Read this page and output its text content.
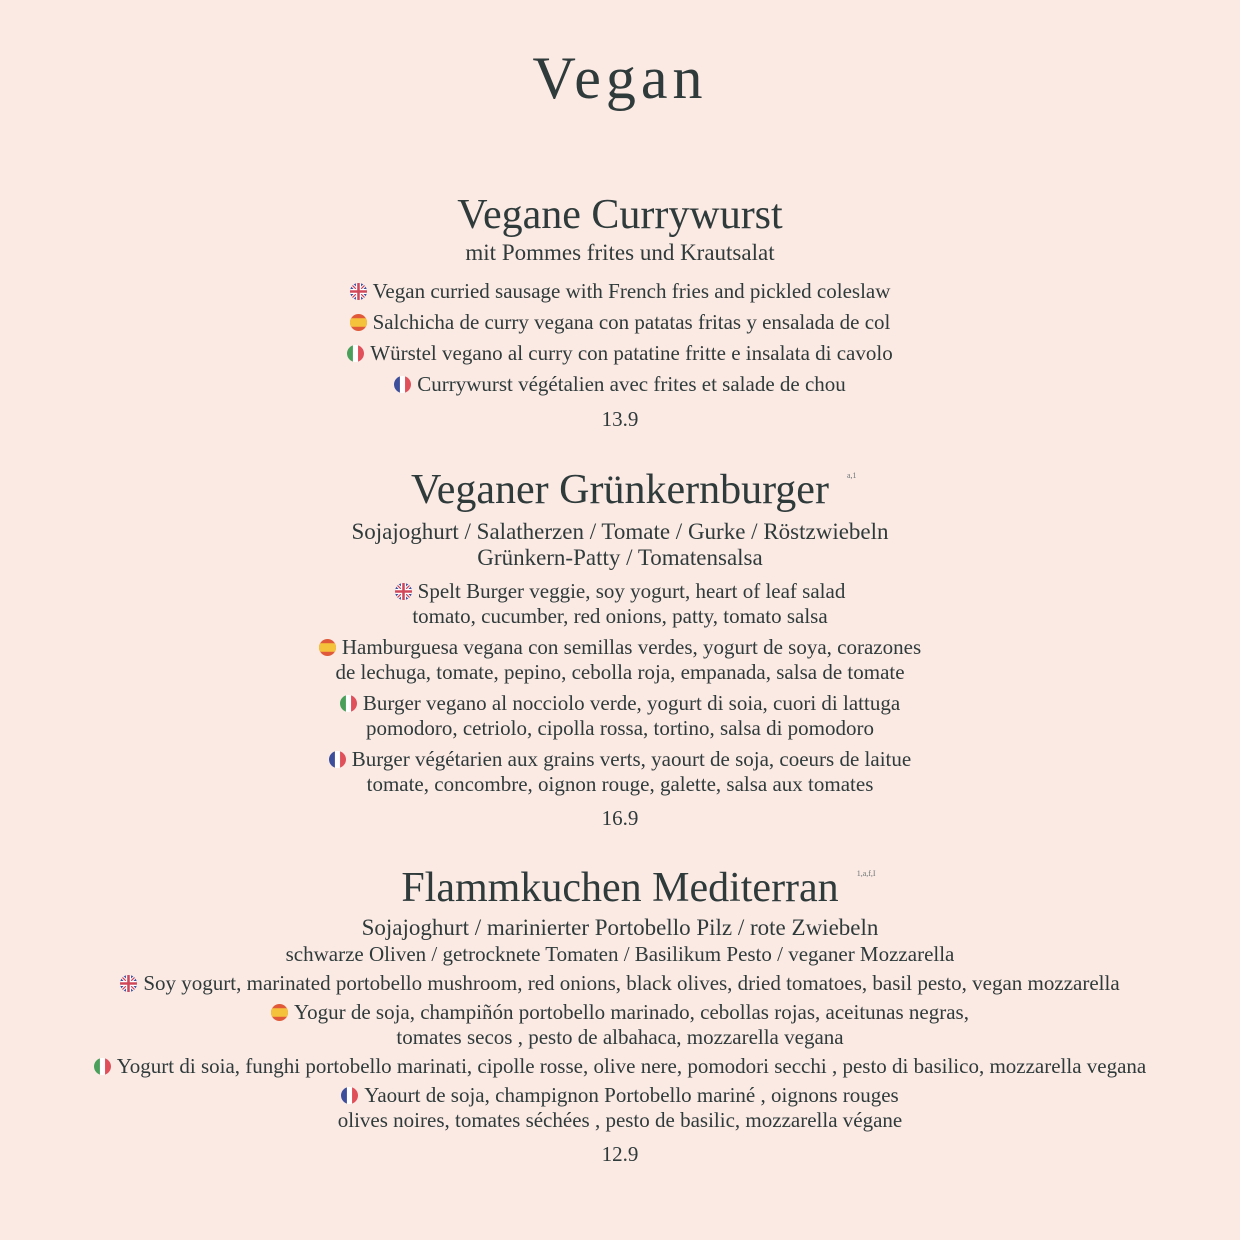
Vegan
Vegane Currywurst
mit Pommes frites und Krautsalat
Vegan curried sausage with French fries and pickled coleslaw
Salchicha de curry vegana con patatas fritas y ensalada de col
Würstel vegano al curry con patatine fritte e insalata di cavolo
Currywurst végétalien avec frites et salade de chou
13.9
Veganer Grünkernburger a,1
Sojajoghurt / Salatherzen / Tomate / Gurke / Röstzwiebeln
Grünkern-Patty / Tomatensalsa
Spelt Burger veggie, soy yogurt, heart of leaf salad
tomato, cucumber, red onions, patty, tomato salsa
Hamburguesa vegana con semillas verdes, yogurt de soya, corazones
de lechuga, tomate, pepino, cebolla roja, empanada, salsa de tomate
Burger vegano al nocciolo verde, yogurt di soia, cuori di lattuga
pomodoro, cetriolo, cipolla rossa, tortino, salsa di pomodoro
Burger végétarien aux grains verts, yaourt de soja, coeurs de laitue
tomate, concombre, oignon rouge, galette, salsa aux tomates
16.9
Flammkuchen Mediterran 1,a,f,I
Sojajoghurt / marinierter Portobello Pilz / rote Zwiebeln
schwarze Oliven / getrocknete Tomaten / Basilikum Pesto / veganer Mozzarella
Soy yogurt, marinated portobello mushroom, red onions, black olives, dried tomatoes, basil pesto, vegan mozzarella
Yogur de soja, champiñón portobello marinado, cebollas rojas, aceitunas negras,
tomates secos , pesto de albahaca, mozzarella vegana
Yogurt di soia, funghi portobello marinati, cipolle rosse, olive nere, pomodori secchi , pesto di basilico, mozzarella vegana
Yaourt de soja, champignon Portobello mariné , oignons rouges
olives noires, tomates séchées , pesto de basilic, mozzarella végane
12.9
